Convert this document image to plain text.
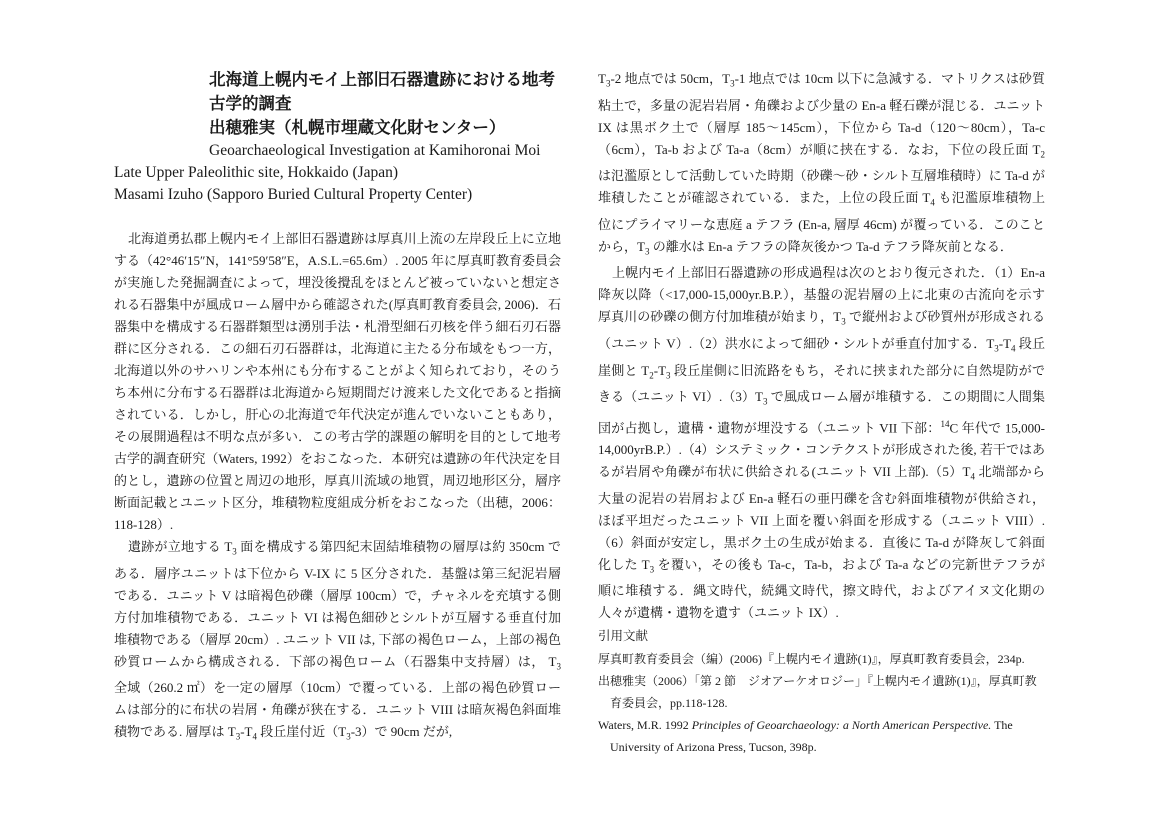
北海道上幌内モイ上部旧石器遺跡における地考
古学的調査
出穂雅実（札幌市埋蔵文化財センター）
Geoarchaeological Investigation at Kamihoronai Moi
Late Upper Paleolithic site, Hokkaido (Japan)
Masami Izuho (Sapporo Buried Cultural Property Center)

北海道勇払郡上幌内モイ上部旧石器遺跡は厚真川上流の左岸段丘上に立地する（42°46′15″N，141°59′58″E，A.S.L.=65.6m）. 2005 年に厚真町教育委員会が実施した発掘調査によって，埋没後攪乱をほとんど被っていないと想定される石器集中が風成ローム層中から確認された(厚真町教育委員会, 2006)．石器集中を構成する石器群類型は湧別手法・札滑型細石刃核を伴う細石刃石器群に区分される．この細石刃石器群は，北海道に主たる分布域をもつ一方，北海道以外のサハリンや本州にも分布することがよく知られており，そのうち本州に分布する石器群は北海道から短期間だけ渡来した文化であると指摘されている．しかし，肝心の北海道で年代決定が進んでいないこともあり，その展開過程は不明な点が多い．この考古学的課題の解明を目的として地考古学的調査研究（Waters, 1992）をおこなった．本研究は遺跡の年代決定を目的とし，遺跡の位置と周辺の地形，厚真川流域の地質，周辺地形区分，層序断面記載とユニット区分，堆積物粒度組成分析をおこなった（出穂，2006：118-128）.

遺跡が立地する $T_3$ 面を構成する第四紀末固結堆積物の層厚は約 350cm である．層序ユニットは下位から V-IX に 5 区分された．基盤は第三紀泥岩層である．ユニット V は暗褐色砂礫（層厚 100cm）で，チャネルを充填する側方付加堆積物である．ユニット VI は褐色細砂とシルトが互層する垂直付加堆積物である（層厚 20cm）. ユニット VII は, 下部の褐色ローム，上部の褐色砂質ロームから構成される．下部の褐色ローム（石器集中支持層）は， $T_3$ 全域（260.2 ㎡）を一定の層厚（10cm）で覆っている．上部の褐色砂質ロームは部分的に布状の岩屑・角礫が狭在する．ユニット VIII は暗灰褐色斜面堆積物である. 層厚は $T_3-T_4$ 段丘崖付近$(T_3-3)$で 90cm だが,

$T_3-2$ 地点では 50cm，$T_3-1$ 地点では 10cm 以下に急減する．マトリクスは砂質粘土で，多量の泥岩岩屑・角礫および少量の En-a 軽石礫が混じる．ユニット IX は黒ボク土で（層厚 185～145cm），下位から Ta-d（120～80cm），Ta-c（6cm），Ta-b および Ta-a（8cm）が順に挟在する．なお，下位の段丘面 $T_2$ は氾濫原として活動していた時期（砂礫～砂・シルト互層堆積時）に Ta-d が堆積したことが確認されている．また，上位の段丘面 $T_4$ も氾濫原堆積物上位にプライマリーな恵庭 a テフラ (En-a, 層厚 46cm) が覆っている．このことから，$T_3$ の離水は En-a テフラの降灰後かつ Ta-d テフラ降灰前となる．

上幌内モイ上部旧石器遺跡の形成過程は次のとおり復元された．（1）En-a 降灰以降（<17,000-15,000yr.B.P.），基盤の泥岩層の上に北東の古流向を示す厚真川の砂礫の側方付加堆積が始まり，$T_3$ で縦州および砂質州が形成される（ユニット V）.（2）洪水によって細砂・シルトが垂直付加する．$T_3-T_4$ 段丘崖側と $T_2-T_3$ 段丘崖側に旧流路をもち，それに挟まれた部分に自然堤防ができる（ユニット $VI).(3)T_3$ で風成ローム層が堆積する．この期間に人間集団が占拠し，遺構・遺物が埋没する（ユニット VII 下部：$^{14}$C 年代で 15,000-14,000yrB.P.）.（4）システミック・コンテクストが形成された後, 若干ではあるが岩屑や角礫が布状に供給される(ユニット VII 上部)$.(5)T_4$ 北端部から大量の泥岩の岩屑および En-a 軽石の亜円礫を含む斜面堆積物が供給され，ほぼ平坦だったユニット VII 上面を覆い斜面を形成する（ユニット VIII）.（6）斜面が安定し，黒ボク土の生成が始まる．直後に Ta-d が降灰して斜面化した $T_3$ を覆い，その後も Ta-c，Ta-b，および Ta-a などの完新世テフラが順に堆積する．縄文時代，続縄文時代，擦文時代，およびアイヌ文化期の人々が遺構・遺物を遺す（ユニット IX）.

引用文献
厚真町教育委員会（編）(2006)『上幌内モイ遺跡(1)』，厚真町教育委員会，234p.
出穂雅実（2006）「第 2 節　ジオアーケオロジー」『上幌内モイ遺跡(1)』，厚真町教育委員会，pp.118-128.
Waters, M.R. 1992 Principles of Geoarchaeology: a North American Perspective. The University of Arizona Press, Tucson, 398p.
